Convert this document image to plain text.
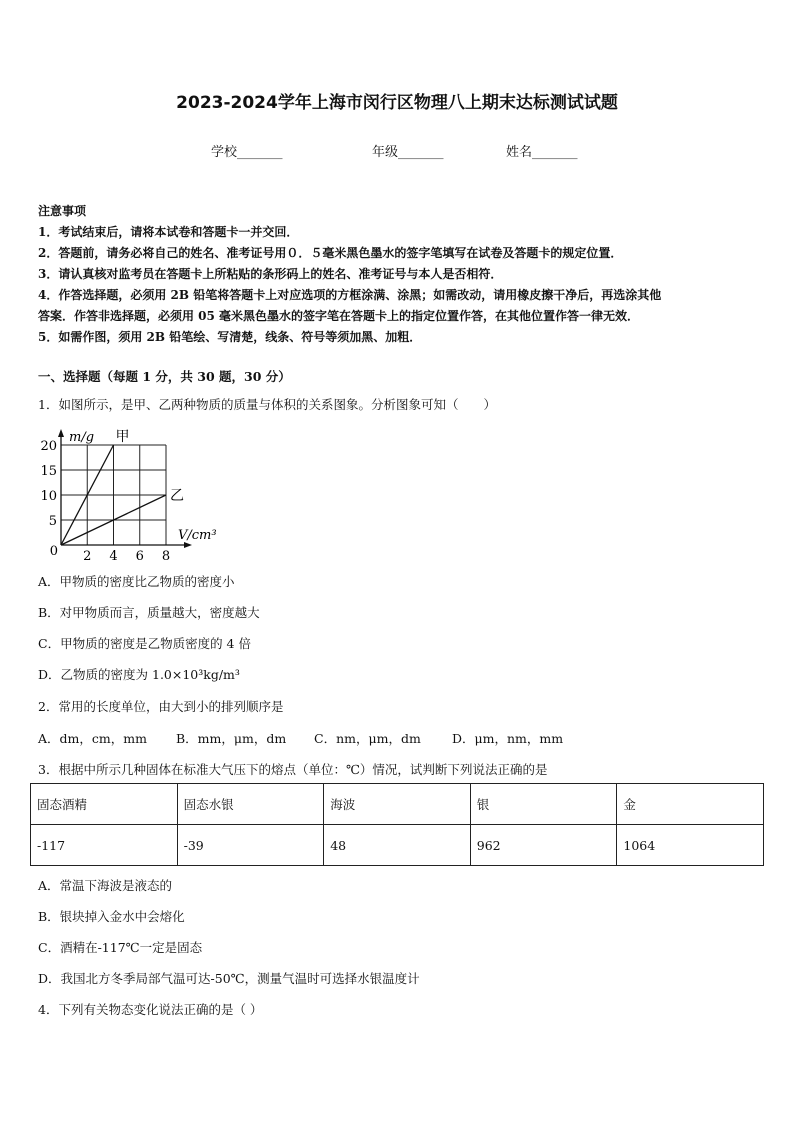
2023-2024学年上海市闵行区物理八上期末达标测试试题
学校_______	年级_______	姓名_______
注意事项
1．考试结束后，请将本试卷和答题卡一并交回．
2．答题前，请务必将自己的姓名、准考证号用０．５毫米黑色墨水的签字笔填写在试卷及答题卡的规定位置．
3．请认真核对监考员在答题卡上所粘贴的条形码上的姓名、准考证号与本人是否相符．
4．作答选择题，必须用 2B 铅笔将答题卡上对应选项的方框涂满、涂黑；如需改动，请用橡皮擦干净后，再选涂其他
答案．作答非选择题，必须用 05 毫米黑色墨水的签字笔在答题卡上的指定位置作答，在其他位置作答一律无效．
5．如需作图，须用 2B 铅笔绘、写清楚，线条、符号等须加黑、加粗．
一、选择题（每题 1 分，共 30 题，30 分）
1．如图所示，是甲、乙两种物质的质量与体积的关系图象。分析图象可知（　　）
2 4 6 8
5
10
15
20
0
m/g
V/cm³
甲
乙
A．甲物质的密度比乙物质的密度小
B．对甲物质而言，质量越大，密度越大
C．甲物质的密度是乙物质密度的 4 倍
D．乙物质的密度为 1.0×10³kg/m³
2．常用的长度单位，由大到小的排列顺序是
A．dm，cm，mm B．mm，μm，dm C．nm，μm，dm D．μm，nm，mm
3．根据中所示几种固体在标准大气压下的熔点（单位：℃）情况，试判断下列说法正确的是
固态酒精	固态水银	海波	银	金
-117	-39	48	962	1064
A．常温下海波是液态的
B．银块掉入金水中会熔化
C．酒精在-117℃一定是固态
D．我国北方冬季局部气温可达-50℃，测量气温时可选择水银温度计
4．下列有关物态变化说法正确的是（ ）
